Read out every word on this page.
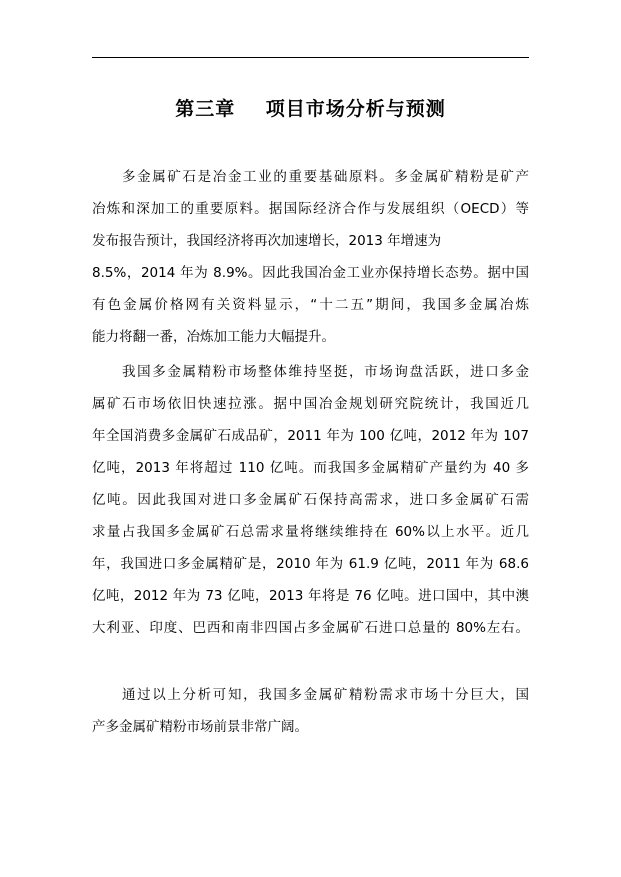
第三章    项目市场分析与预测

多金属矿石是冶金工业的重要基础原料。多金属矿精粉是矿产

冶炼和深加工的重要原料。据国际经济合作与发展组织（OECD）等

发布报告预计，我国经济将再次加速增长，2013 年增速为

8.5%，2014 年为 8.9%。因此我国冶金工业亦保持增长态势。据中国

有色金属价格网有关资料显示，“十二五”期间，我国多金属冶炼

能力将翻一番，冶炼加工能力大幅提升。

我国多金属精粉市场整体维持坚挺，市场询盘活跃，进口多金

属矿石市场依旧快速拉涨。据中国冶金规划研究院统计，我国近几

年全国消费多金属矿石成品矿，2011 年为 100 亿吨，2012 年为 107

亿吨，2013 年将超过 110 亿吨。而我国多金属精矿产量约为 40 多

亿吨。因此我国对进口多金属矿石保持高需求，进口多金属矿石需

求量占我国多金属矿石总需求量将继续维持在 60%以上水平。近几

年，我国进口多金属精矿是，2010 年为 61.9 亿吨，2011 年为 68.6

亿吨，2012 年为 73 亿吨，2013 年将是 76 亿吨。进口国中，其中澳

大利亚、印度、巴西和南非四国占多金属矿石进口总量的 80%左右。

通过以上分析可知，我国多金属矿精粉需求市场十分巨大，国

产多金属矿精粉市场前景非常广阔。
